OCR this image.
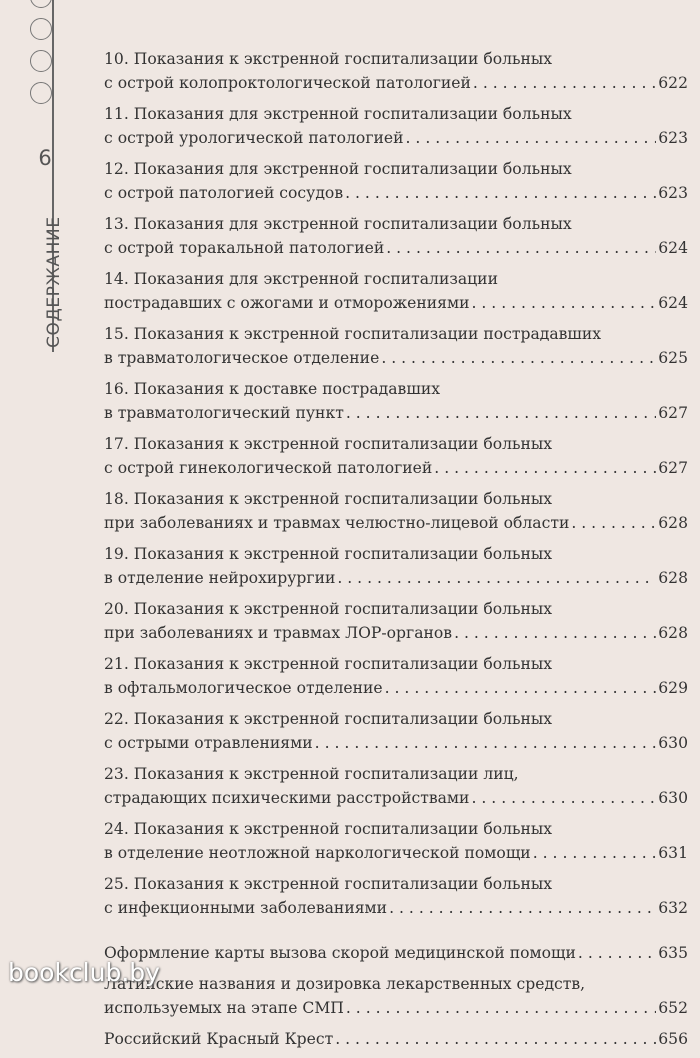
6
СОДЕРЖАНИЕ
10. Показания к экстренной госпитализации больных
с острой колопроктологической патологией . . .	622
11. Показания для экстренной госпитализации больных
с острой урологической патологией . . .	623
12. Показания для экстренной госпитализации больных
с острой патологией сосудов . . .	623
13. Показания для экстренной госпитализации больных
с острой торакальной патологией . . .	624
14. Показания для экстренной госпитализации
пострадавших с ожогами и отморожениями . . .	624
15. Показания к экстренной госпитализации пострадавших
в травматологическое отделение . . .	625
16. Показания к доставке пострадавших
в травматологический пункт . . .	627
17. Показания к экстренной госпитализации больных
с острой гинекологической патологией . . .	627
18. Показания к экстренной госпитализации больных
при заболеваниях и травмах челюстно-лицевой области . . .	628
19. Показания к экстренной госпитализации больных
в отделение нейрохирургии . . .	628
20. Показания к экстренной госпитализации больных
при заболеваниях и травмах ЛОР-органов . . .	628
21. Показания к экстренной госпитализации больных
в офтальмологическое отделение . . .	629
22. Показания к экстренной госпитализации больных
с острыми отравлениями . . .	630
23. Показания к экстренной госпитализации лиц,
страдающих психическими расстройствами . . .	630
24. Показания к экстренной госпитализации больных
в отделение неотложной наркологической помощи . . .	631
25. Показания к экстренной госпитализации больных
с инфекционными заболеваниями . . .	632
Оформление карты вызова скорой медицинской помощи . . .	635
Латинские названия и дозировка лекарственных средств,
используемых на этапе СМП . . .	652
Российский Красный Крест . . .	656
bookclub.by
